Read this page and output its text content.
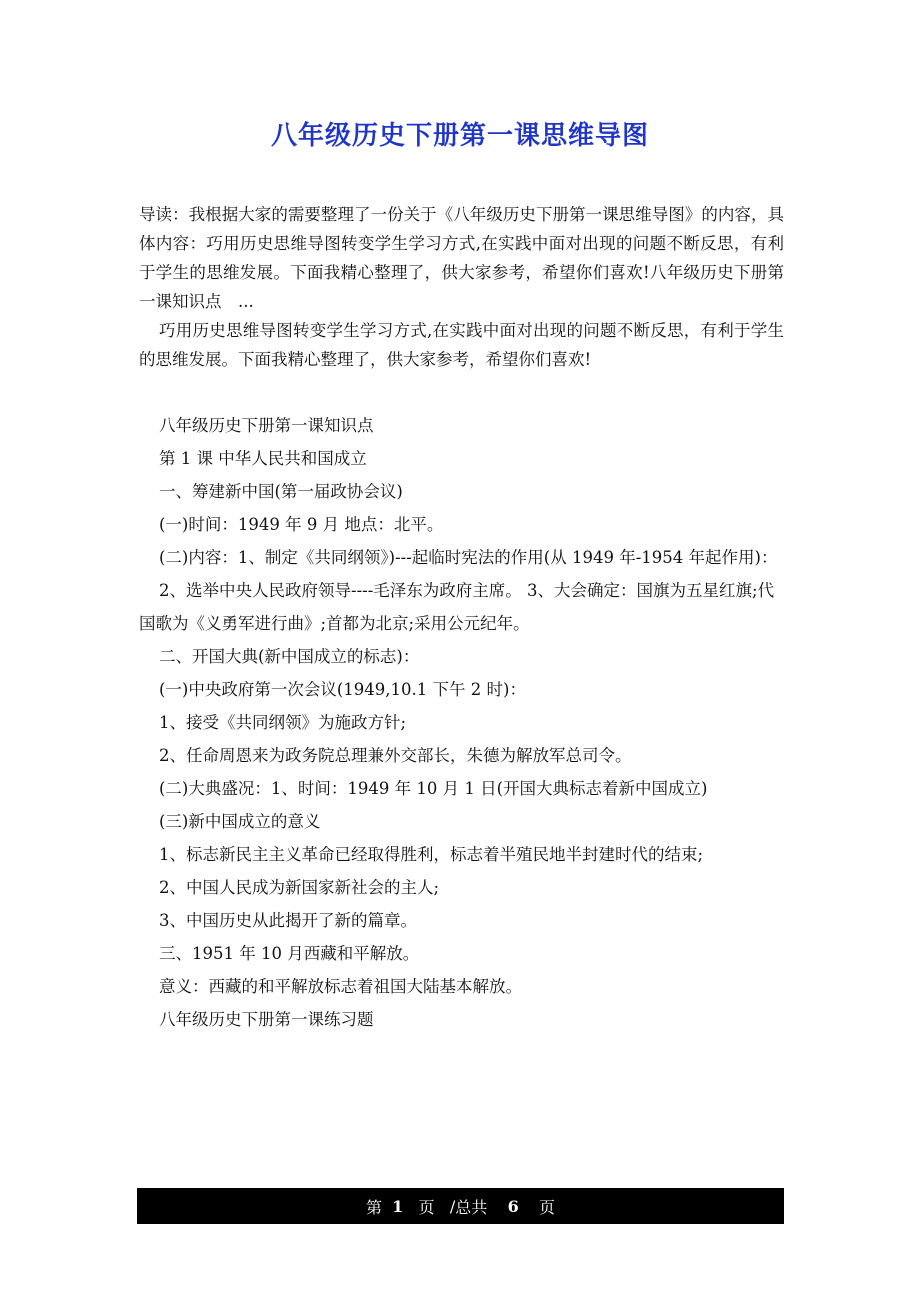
八年级历史下册第一课思维导图

导读：我根据大家的需要整理了一份关于《八年级历史下册第一课思维导图》的内容，具体内容：巧用历史思维导图转变学生学习方式,在实践中面对出现的问题不断反思，有利于学生的思维发展。下面我精心整理了，供大家参考，希望你们喜欢!八年级历史下册第一课知识点　...

巧用历史思维导图转变学生学习方式,在实践中面对出现的问题不断反思，有利于学生的思维发展。下面我精心整理了，供大家参考，希望你们喜欢!

八年级历史下册第一课知识点

第 1 课 中华人民共和国成立

一、筹建新中国(第一届政协会议)

(一)时间：1949 年 9 月 地点：北平。

(二)内容：1、制定《共同纲领》)---起临时宪法的作用(从 1949 年-1954 年起作用)：

2、选举中央人民政府领导----毛泽东为政府主席。 3、大会确定：国旗为五星红旗;代国歌为《义勇军进行曲》;首都为北京;采用公元纪年。

二、开国大典(新中国成立的标志)：

(一)中央政府第一次会议(1949,10.1 下午 2 时)：

1、接受《共同纲领》为施政方针;

2、任命周恩来为政务院总理兼外交部长，朱德为解放军总司令。

(二)大典盛况：1、时间：1949 年 10 月 1 日(开国大典标志着新中国成立)

(三)新中国成立的意义

1、标志新民主主义革命已经取得胜利，标志着半殖民地半封建时代的结束;

2、中国人民成为新国家新社会的主人;

3、中国历史从此揭开了新的篇章。

三、1951 年 10 月西藏和平解放。

意义：西藏的和平解放标志着祖国大陆基本解放。

八年级历史下册第一课练习题

第
1
页
/ 总共
6
页
